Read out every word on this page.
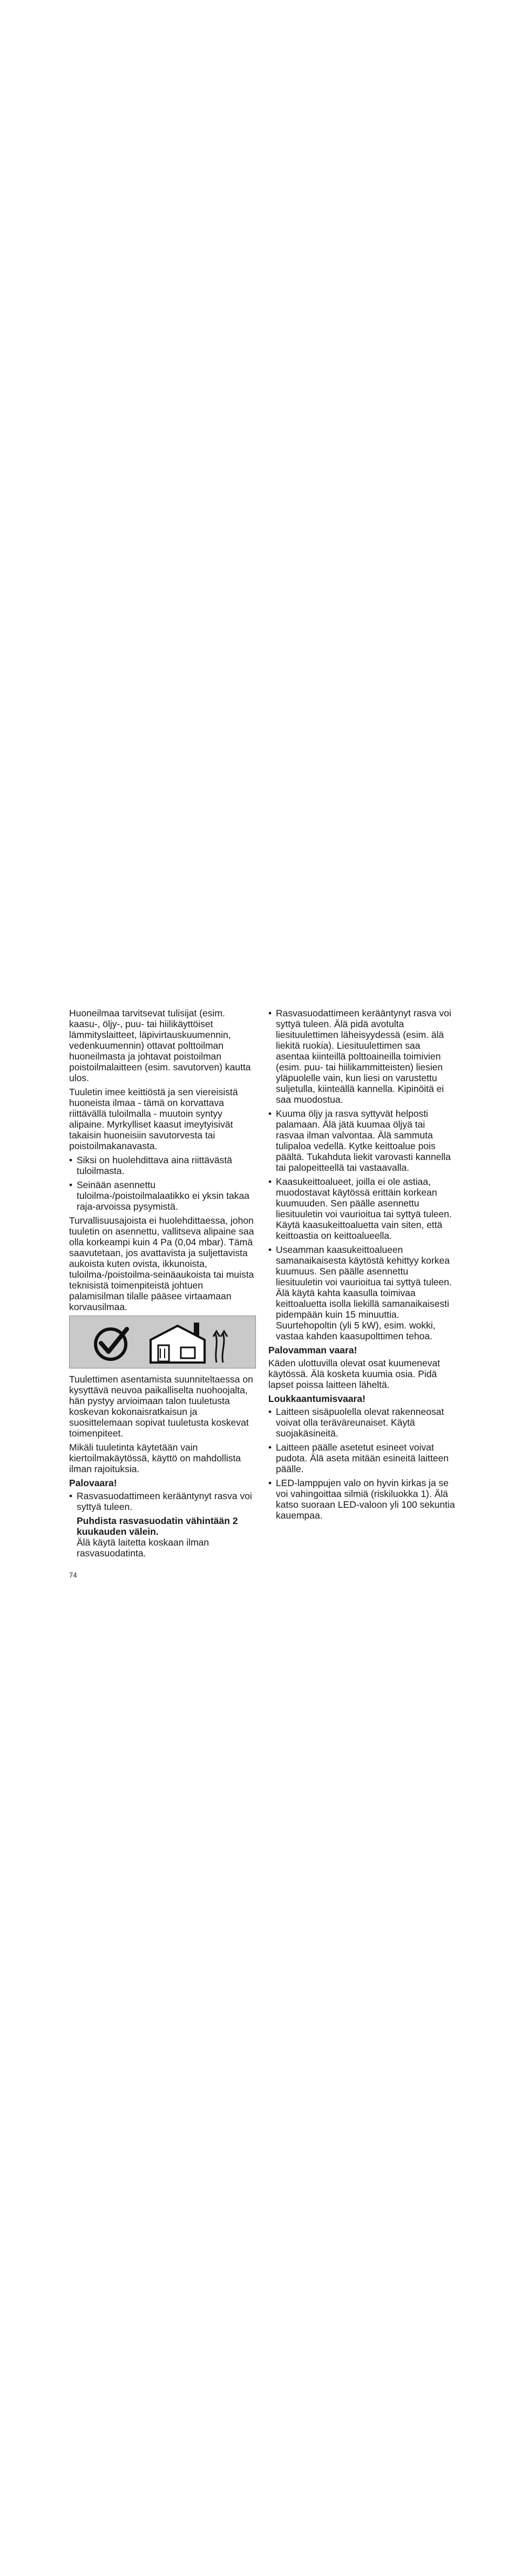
Huoneilmaa tarvitsevat tulisijat (esim. kaasu-, öljy-, puu- tai hiilikäyttöiset lämmityslaitteet, läpivirtauskuumennin, vedenkuumennin) ottavat polttoilman huoneilmasta ja johtavat poistoilman poistoilmalaitteen (esim. savutorven) kautta ulos.

Tuuletin imee keittiöstä ja sen viereisistä huoneista ilmaa - tämä on korvattava riittävällä tuloilmalla - muutoin syntyy alipaine. Myrkylliset kaasut imeytyisivät takaisin huoneisiin savutorvesta tai poistoilmakanavasta.

• Siksi on huolehdittava aina riittävästä tuloilmasta.
• Seinään asennettu tuloilma-/poistoilmalaatikko ei yksin takaa raja-arvoissa pysymistä.

Turvallisuusajoista ei huolehdittaessa, johon tuuletin on asennettu, vallitseva alipaine saa olla korkeampi kuin 4 Pa (0,04 mbar). Tämä saavutetaan, jos avattavista ja suljettavista aukoista kuten ovista, ikkunoista, tuloilma-/poistoilma-seinäaukoista tai muista teknisistä toimenpiteistä johtuen palamisilman tilalle pääsee virtaamaan korvausilmaa.

Tuulettimen asentamista suunniteltaessa on kysyttävä neuvoa paikalliselta nuohoojalta, hän pystyy arvioimaan talon tuuletusta koskevan kokonaisratkaisun ja suosittelemaan sopivat tuuletusta koskevat toimenpiteet.

Mikäli tuuletinta käytetään vain kiertoilmakäytössä, käyttö on mahdollista ilman rajoituksia.

Palovaara!
• Rasvasuodattimeen kerääntynyt rasva voi syttyä tuleen.
Puhdista rasvasuodatin vähintään 2 kuukauden välein.
Älä käytä laitetta koskaan ilman rasvasuodatinta.
• Rasvasuodattimeen kerääntynyt rasva voi syttyä tuleen. Älä pidä avotulta liesituulettimen läheisyydessä (esim. älä liekitä ruokia). Liesituulettimen saa asentaa kiinteillä polttoaineilla toimivien (esim. puu- tai hiilikammitteisten) liesien yläpuolelle vain, kun liesi on varustettu suljetulla, kiinteällä kannella. Kipinöitä ei saa muodostua.
• Kuuma öljy ja rasva syttyvät helposti palamaan. Älä jätä kuumaa öljyä tai rasvaa ilman valvontaa. Älä sammuta tulipaloa vedellä. Kytke keittoalue pois päältä. Tukahduta liekit varovasti kannella tai palopeitteellä tai vastaavalla.
• Kaasukeittoalueet, joilla ei ole astiaa, muodostavat käytössä erittäin korkean kuumuuden. Sen päälle asennettu liesituuletin voi vaurioitua tai syttyä tuleen. Käytä kaasukeittoaluetta vain siten, että keittoastia on keittoalueella.
• Useamman kaasukeittoalueen samanaikaisesta käytöstä kehittyy korkea kuumuus. Sen päälle asennettu liesituuletin voi vaurioitua tai syttyä tuleen. Älä käytä kahta kaasulla toimivaa keittoaluetta isolla liekillä samanaikaisesti pidempään kuin 15 minuuttia. Suurtehopoltin (yli 5 kW), esim. wokki, vastaa kahden kaasupolttimen tehoa.
Palovamman vaara!

Käden ulottuvilla olevat osat kuumenevat käytössä. Älä kosketa kuumia osia. Pidä lapset poissa laitteen läheltä.

Loukkaantumisvaara!
• Laitteen sisäpuolella olevat rakenneosat voivat olla teräväreunaiset. Käytä suojakäsineitä.
• Laitteen päälle asetetut esineet voivat pudota. Älä aseta mitään esineitä laitteen päälle.
• LED-lamppujen valo on hyvin kirkas ja se voi vahingoittaa silmiä (riskiluokka 1). Älä katso suoraan LED-valoon yli 100 sekuntia kauempaa.
74
